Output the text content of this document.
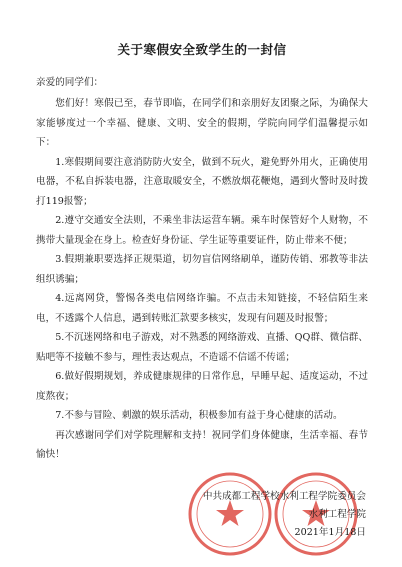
关于寒假安全致学生的一封信
亲爱的同学们：

您们好！寒假已至，春节即临，在同学们和亲朋好友团聚之际，为确保大家能够度过一个幸福、健康、文明、安全的假期，学院向同学们温馨提示如下：

1.寒假期间要注意消防防火安全，做到不玩火，避免野外用火，正确使用电器，不私自拆装电器，注意取暖安全，不燃放烟花鞭炮，遇到火警时及时拨打119报警；

2.遵守交通安全法则，不乘坐非法运营车辆。乘车时保管好个人财物，不携带大量现金在身上。检查好身份证、学生证等重要证件，防止带来不便；

3.假期兼职要选择正规渠道，切勿盲信网络刷单，谨防传销、邪教等非法组织诱骗；

4.远离网贷，警惕各类电信网络诈骗。不点击未知链接，不轻信陌生来电，不透露个人信息，遇到转账汇款要多核实，发现有问题及时报警；

5.不沉迷网络和电子游戏，对不熟悉的网络游戏、直播、QQ群、微信群、贴吧等不接触不参与，理性表达观点，不造谣不信谣不传谣；

6.做好假期规划，养成健康规律的日常作息，早睡早起、适度运动，不过度熬夜；

7.不参与冒险、刺激的娱乐活动，积极参加有益于身心健康的活动。

再次感谢同学们对学院理解和支持！祝同学们身体健康，生活幸福、春节愉快！

中共成都工程学校水利工程学院委员会
水利工程学院
2021年1月18日
